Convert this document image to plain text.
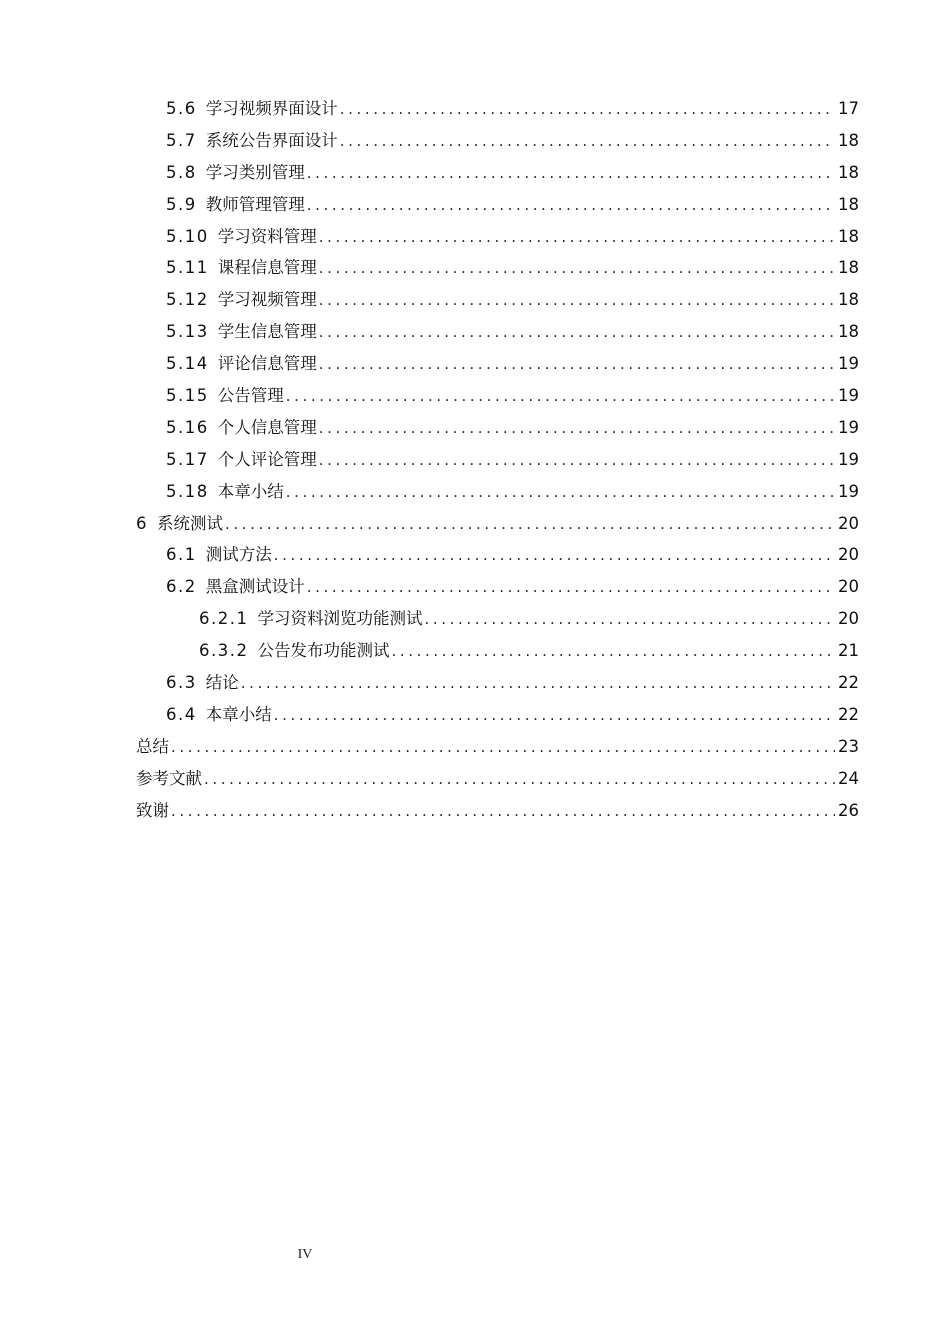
5.6 学习视频界面设计 .....	17
5.7 系统公告界面设计 .....	18
5.8 学习类别管理 .....	18
5.9 教师管理管理 .....	18
5.10 学习资料管理 .....	18
5.11 课程信息管理 .....	18
5.12 学习视频管理 .....	18
5.13 学生信息管理 .....	18
5.14 评论信息管理 .....	19
5.15 公告管理 .....	19
5.16 个人信息管理 .....	19
5.17 个人评论管理 .....	19
5.18 本章小结 .....	19
6 系统测试 .....	20
6.1 测试方法 .....	20
6.2 黑盒测试设计 .....	20
6.2.1 学习资料浏览功能测试 .....	20
6.3.2 公告发布功能测试 .....	21
6.3 结论 .....	22
6.4 本章小结 .....	22
总结 .....	23
参考文献 .....	24
致谢 .....	26
IV
